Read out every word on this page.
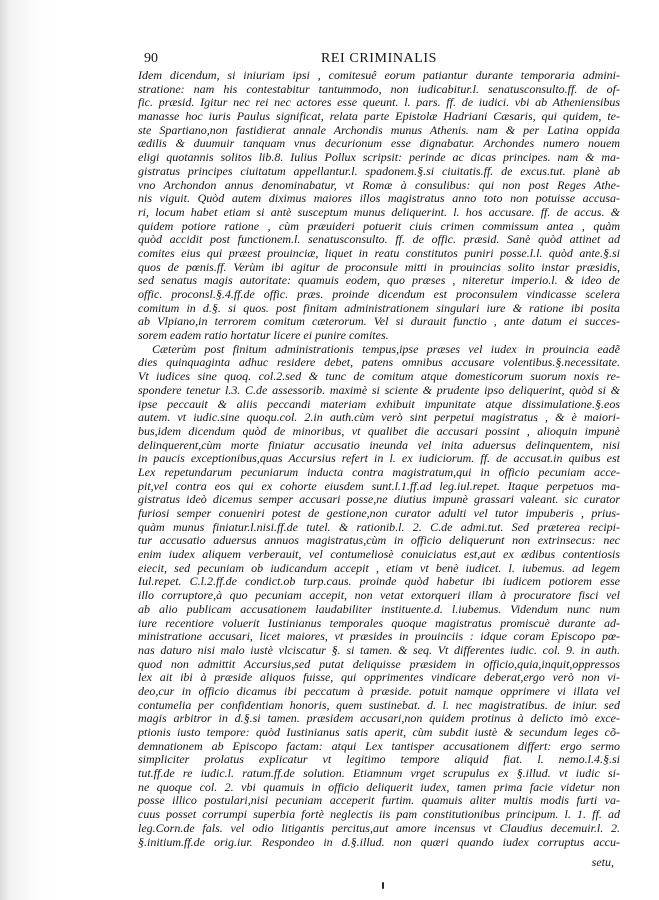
90	REI CRIMINALIS
Idem dicendum, si iniuriam ipsi , comitesuê eorum patiantur durante temporaria admini-
stratione: nam his contestabitur tantummodo, non iudicabitur.l. senatusconsulto.ff. de of-
fic. præsid. Igitur nec rei nec actores esse queunt. l. pars. ff. de iudici. vbi ab Atheniensibus
manasse hoc iuris Paulus significat, relata parte Epistolæ Hadriani Cæsaris, qui quidem, te-
ste Spartiano,non fastidierat annale Archondis munus Athenis. nam & per Latina oppida
ædilis & duumuir tanquam vnus decurionum esse dignabatur. Archondes numero nouem
eligi quotannis solitos lib.8. Iulius Pollux scripsit: perinde ac dicas principes. nam & ma-
gistratus principes ciuitatum appellantur.l. spadonem.§.si ciuitatis.ff. de excus.tut. planè ab
vno Archondon annus denominabatur, vt Romæ à consulibus: qui non post Reges Athe-
nis viguit. Quòd autem diximus maiores illos magistratus anno toto non potuisse accusa-
ri, locum habet etiam si antè susceptum munus deliquerint. l. hos accusare. ff. de accus. &
quidem potiore ratione , cùm præuideri potuerit ciuis crimen commissum antea , quàm
quòd accidit post functionem.l. senatusconsulto. ff. de offic. præsid. Sanè quòd attinet ad
comites eius qui præest prouinciæ, liquet in reatu constitutos puniri posse.l.l. quòd ante.§.si
quos de pœnis.ff. Verùm ibi agitur de proconsule mitti in prouincias solito instar præsidis,
sed senatus magis autoritate: quamuis eodem, quo præses , niteretur imperio.l. & ideo de
offic. proconsl.§.4.ff.de offic. præs. proinde dicendum est proconsulem vindicasse scelera
comitum in d.§. si quos. post finitam administrationem singulari iure & ratione ibi posita
ab Vlpiano,in terrorem comitum cæterorum. Vel si durauit functio , ante datum ei succes-
sorem eadem ratio hortatur licere ei punire comites.
Cæterùm post finitum administrationis tempus,ipse præses vel iudex in prouincia eadẽ
dies quinquaginta adhuc residere debet, patens omnibus accusare volentibus.§.necessitate.
Vt iudices sine quoq. col.2.sed & tunc de comitum atque domesticorum suorum noxis re-
spondere tenetur l.3. C.de assessorib. maximè si sciente & prudente ipso deliquerint, quòd si &
ipse peccauit & aliis peccandi materiam exhibuit impunitate atque dissimulatione.§.eos
autem. vt iudic.sine quoqu.col. 2.in auth.cùm verò sint perpetui magistratus , & è maiori-
bus,idem dicendum quòd de minoribus, vt qualibet die accusari possint , alioquin impunè
delinquerent,cùm morte finiatur accusatio ineunda vel inita aduersus delinquentem, nisi
in paucis exceptionibus,quas Accursius refert in l. ex iudiciorum. ff. de accusat.in quibus est
Lex repetundarum pecuniarum inducta contra magistratum,qui in officio pecuniam acce-
pit,vel contra eos qui ex cohorte eiusdem sunt.l.1.ff.ad leg.iul.repet. Itaque perpetuos ma-
gistratus ideò dicemus semper accusari posse,ne diutius impunè grassari valeant. sic curator
furiosi semper conueniri potest de gestione,non curator adulti vel tutor impuberis , prius-
quàm munus finiatur.l.nisi.ff.de tutel. & rationib.l. 2. C.de admi.tut. Sed præterea recipi-
tur accusatio aduersus annuos magistratus,cùm in officio deliquerunt non extrinsecus: nec
enim iudex aliquem verberauit, vel contumeliosè conuiciatus est,aut ex ædibus contentiosis
eiecit, sed pecuniam ob iudicandum accepit , etiam vt benè iudicet. l. iubemus. ad legem
Iul.repet. C.l.2.ff.de condict.ob turp.caus. proinde quòd habetur ibi iudicem potiorem esse
illo corruptore,à quo pecuniam accepit, non vetat extorqueri illam à procuratore fisci vel
ab alio publicam accusationem laudabiliter instituente.d. l.iubemus. Videndum nunc num
iure recentiore voluerit Iustinianus temporales quoque magistratus promiscuè durante ad-
ministratione accusari, licet maiores, vt præsides in prouinciis : idque coram Episcopo pœ-
nas daturo nisi malo iustè vlciscatur §. si tamen. & seq. Vt differentes iudic. col. 9. in auth.
quod non admittit Accursius,sed putat deliquisse præsidem in officio,quia,inquit,oppressos
lex ait ibi à præside aliquos fuisse, qui opprimentes vindicare deberat,ergo verò non vi-
deo,cur in officio dicamus ibi peccatum à præside. potuit namque opprimere vi illata vel
contumelia per confidentiam honoris, quem sustinebat. d. l. nec magistratibus. de iniur. sed
magis arbitror in d.§.si tamen. præsidem accusari,non quidem protinus à delicto imò exce-
ptionis iusto tempore: quòd Iustinianus satis aperit, cùm subdit iustè & secundum leges cõ-
demnationem ab Episcopo factam: atqui Lex tantisper accusationem differt: ergo sermo
simpliciter prolatus explicatur vt legitimo tempore aliquid fiat. l. nemo.l.4.§.si
tut.ff.de re iudic.l. ratum.ff.de solution. Etiamnum vrget scrupulus ex §.illud. vt iudic si-
ne quoque col. 2. vbi quamuis in officio deliquerit iudex, tamen prima facie videtur non
posse illico postulari,nisi pecuniam acceperit furtim. quamuis aliter multis modis furti va-
cuus posset corrumpi superbia fortè neglectis iis pam constitutionibus principum. l. 1. ff. ad
leg.Corn.de fals. vel odio litigantis percitus,aut amore incensus vt Claudius decemuir.l. 2.
§.initium.ff.de orig.iur. Respondeo in d.§.illud. non quæri quando iudex corruptus accu-
setu,
